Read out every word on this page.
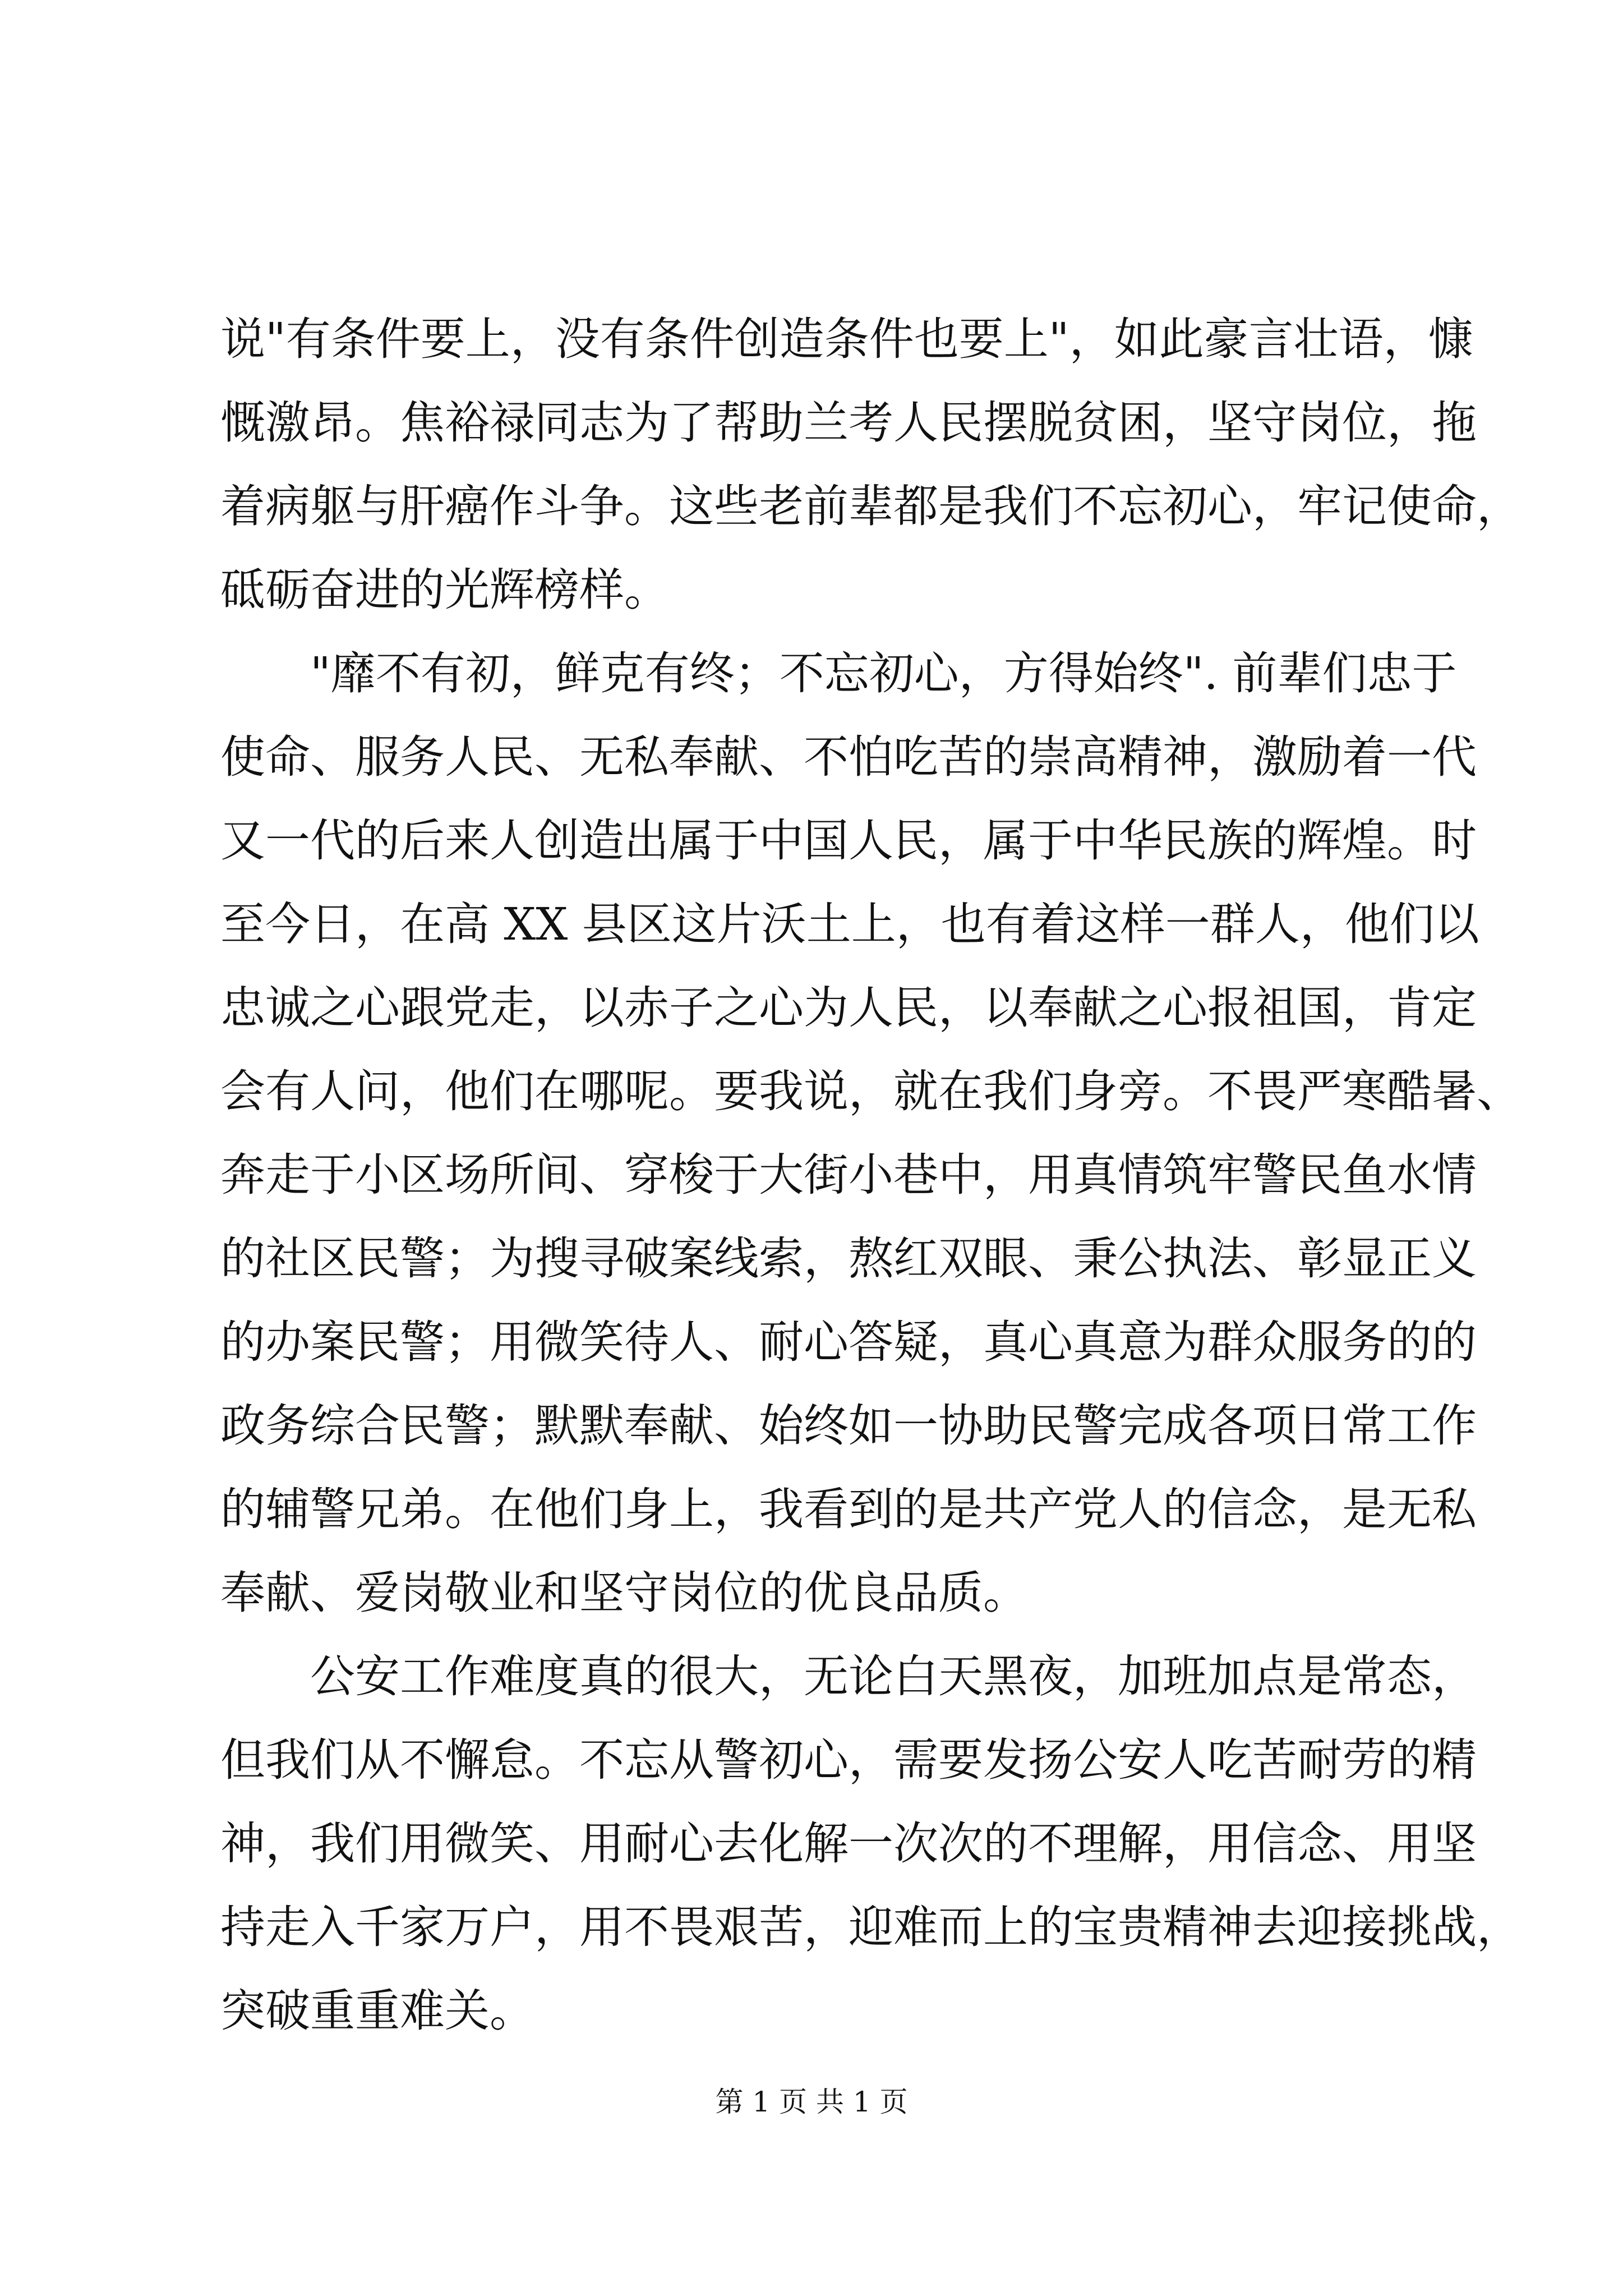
说"有条件要上，没有条件创造条件也要上"，如此豪言壮语，慷
慨激昂。焦裕禄同志为了帮助兰考人民摆脱贫困，坚守岗位，拖
着病躯与肝癌作斗争。这些老前辈都是我们不忘初心，牢记使命，
砥砺奋进的光辉榜样。
"靡不有初，鲜克有终；不忘初心，方得始终". 前辈们忠于
使命、服务人民、无私奉献、不怕吃苦的崇高精神，激励着一代
又一代的后来人创造出属于中国人民，属于中华民族的辉煌。时
至今日，在高 XX 县区这片沃土上，也有着这样一群人，他们以
忠诚之心跟党走，以赤子之心为人民，以奉献之心报祖国，肯定
会有人问，他们在哪呢。要我说，就在我们身旁。不畏严寒酷暑、
奔走于小区场所间、穿梭于大街小巷中，用真情筑牢警民鱼水情
的社区民警；为搜寻破案线索，熬红双眼、秉公执法、彰显正义
的办案民警；用微笑待人、耐心答疑，真心真意为群众服务的的
政务综合民警；默默奉献、始终如一协助民警完成各项日常工作
的辅警兄弟。在他们身上，我看到的是共产党人的信念，是无私
奉献、爱岗敬业和坚守岗位的优良品质。
公安工作难度真的很大，无论白天黑夜，加班加点是常态，
但我们从不懈怠。不忘从警初心，需要发扬公安人吃苦耐劳的精
神，我们用微笑、用耐心去化解一次次的不理解，用信念、用坚
持走入千家万户，用不畏艰苦，迎难而上的宝贵精神去迎接挑战，
突破重重难关。
第 1 页 共 1 页
